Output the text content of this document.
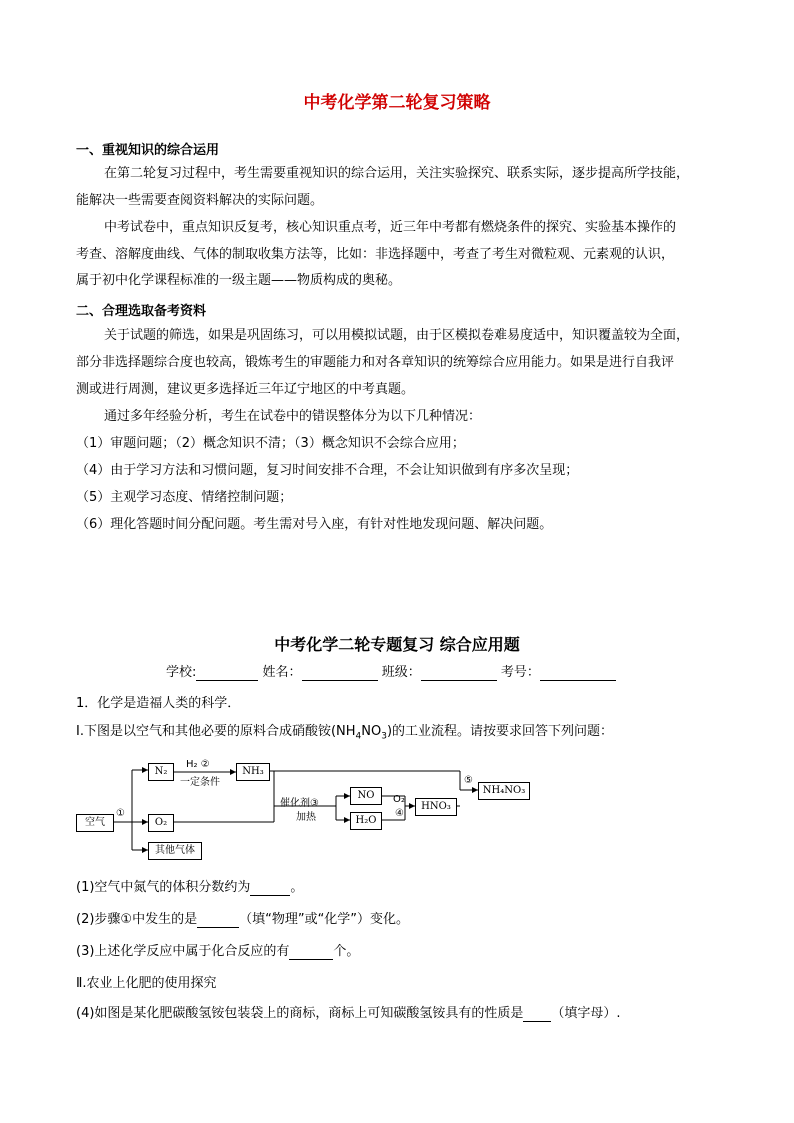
中考化学第二轮复习策略
一、重视知识的综合运用
在第二轮复习过程中，考生需要重视知识的综合运用，关注实验探究、联系实际，逐步提高所学技能，
能解决一些需要查阅资料解决的实际问题。
中考试卷中，重点知识反复考，核心知识重点考，近三年中考都有燃烧条件的探究、实验基本操作的
考查、溶解度曲线、气体的制取收集方法等，比如：非选择题中，考查了考生对微粒观、元素观的认识，
属于初中化学课程标准的一级主题——物质构成的奥秘。
二、合理选取备考资料
关于试题的筛选，如果是巩固练习，可以用模拟试题，由于区模拟卷难易度适中，知识覆盖较为全面，
部分非选择题综合度也较高，锻炼考生的审题能力和对各章知识的统筹综合应用能力。如果是进行自我评
测或进行周测，建议更多选择近三年辽宁地区的中考真题。
通过多年经验分析，考生在试卷中的错误整体分为以下几种情况：
（1）审题问题；（2）概念知识不清；（3）概念知识不会综合应用；
（4）由于学习方法和习惯问题，复习时间安排不合理，不会让知识做到有序多次呈现；
（5）主观学习态度、情绪控制问题；
（6）理化答题时间分配问题。考生需对号入座，有针对性地发现问题、解决问题。
中考化学二轮专题复习 综合应用题
学校:	姓名：	班级：	考号：
1．化学是造福人类的科学．
Ⅰ.下图是以空气和其他必要的原料合成硝酸铵$(NH_4NO_3)$的工业流程。请按要求回答下列问题：
空气
①
N₂
O₂
其他气体
H₂ ②
一定条件
NH₃
催化剂③
加热
NO
H₂O
O₂
④
HNO₃
⑤
NH₄NO₃
(1)空气中氮气的体积分数约为	。
(2)步骤①中发生的是	（填“物理”或“化学”）变化。
(3)上述化学反应中属于化合反应的有	个。
Ⅱ.农业上化肥的使用探究
(4)如图是某化肥碳酸氢铵包装袋上的商标，商标上可知碳酸氢铵具有的性质是 （填字母）.
